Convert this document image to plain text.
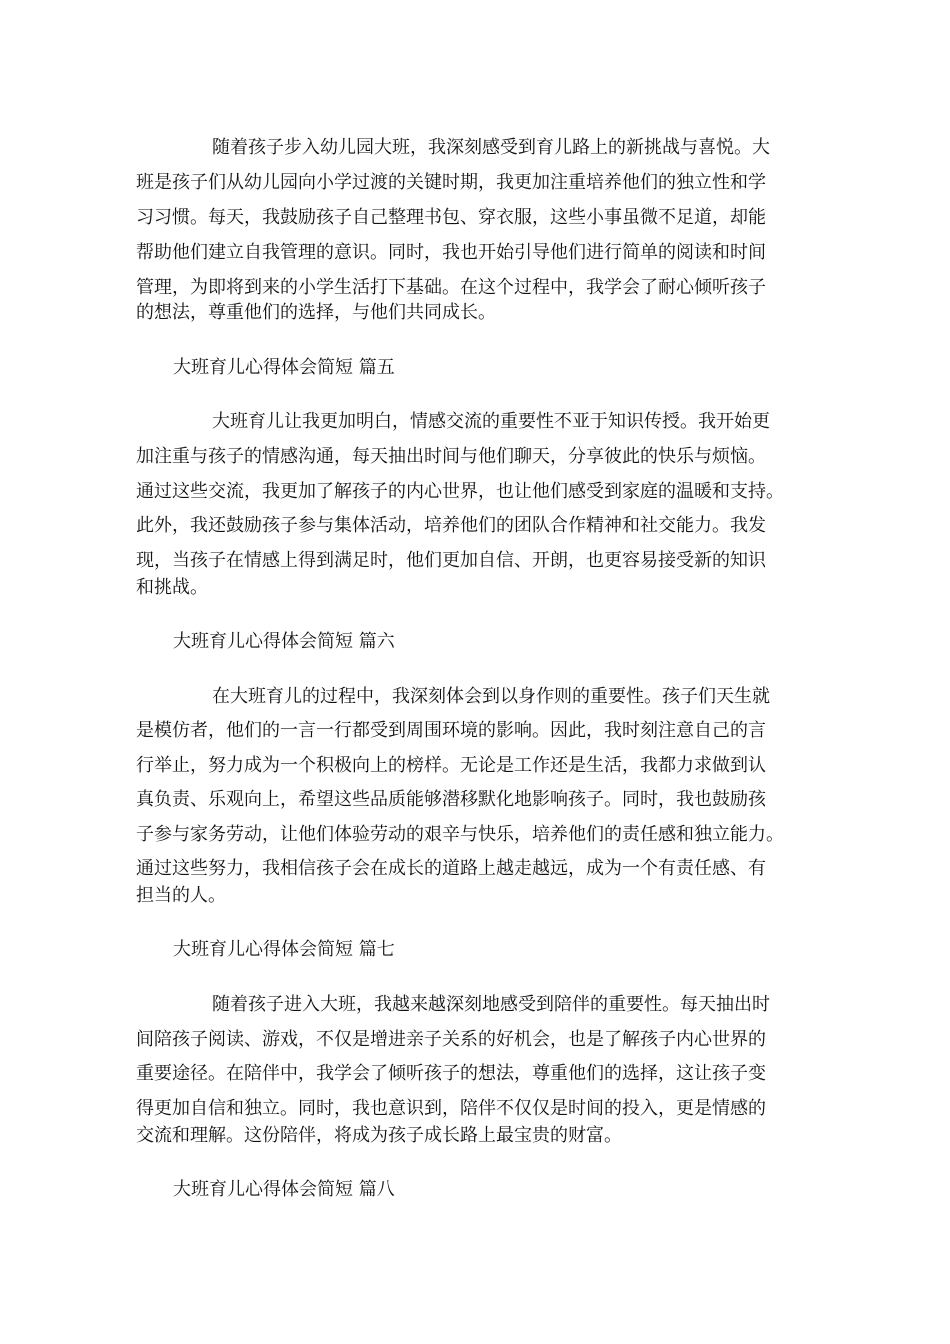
随着孩子步入幼儿园大班，我深刻感受到育儿路上的新挑战与喜悦。大
班是孩子们从幼儿园向小学过渡的关键时期，我更加注重培养他们的独立性和学
习习惯。每天，我鼓励孩子自己整理书包、穿衣服，这些小事虽微不足道，却能
帮助他们建立自我管理的意识。同时，我也开始引导他们进行简单的阅读和时间
管理，为即将到来的小学生活打下基础。在这个过程中，我学会了耐心倾听孩子
的想法，尊重他们的选择，与他们共同成长。
大班育儿心得体会简短 篇五
大班育儿让我更加明白，情感交流的重要性不亚于知识传授。我开始更
加注重与孩子的情感沟通，每天抽出时间与他们聊天，分享彼此的快乐与烦恼。
通过这些交流，我更加了解孩子的内心世界，也让他们感受到家庭的温暖和支持。
此外，我还鼓励孩子参与集体活动，培养他们的团队合作精神和社交能力。我发
现，当孩子在情感上得到满足时，他们更加自信、开朗，也更容易接受新的知识
和挑战。
大班育儿心得体会简短 篇六
在大班育儿的过程中，我深刻体会到以身作则的重要性。孩子们天生就
是模仿者，他们的一言一行都受到周围环境的影响。因此，我时刻注意自己的言
行举止，努力成为一个积极向上的榜样。无论是工作还是生活，我都力求做到认
真负责、乐观向上，希望这些品质能够潜移默化地影响孩子。同时，我也鼓励孩
子参与家务劳动，让他们体验劳动的艰辛与快乐，培养他们的责任感和独立能力。
通过这些努力，我相信孩子会在成长的道路上越走越远，成为一个有责任感、有
担当的人。
大班育儿心得体会简短 篇七
随着孩子进入大班，我越来越深刻地感受到陪伴的重要性。每天抽出时
间陪孩子阅读、游戏，不仅是增进亲子关系的好机会，也是了解孩子内心世界的
重要途径。在陪伴中，我学会了倾听孩子的想法，尊重他们的选择，这让孩子变
得更加自信和独立。同时，我也意识到，陪伴不仅仅是时间的投入，更是情感的
交流和理解。这份陪伴，将成为孩子成长路上最宝贵的财富。
大班育儿心得体会简短 篇八
